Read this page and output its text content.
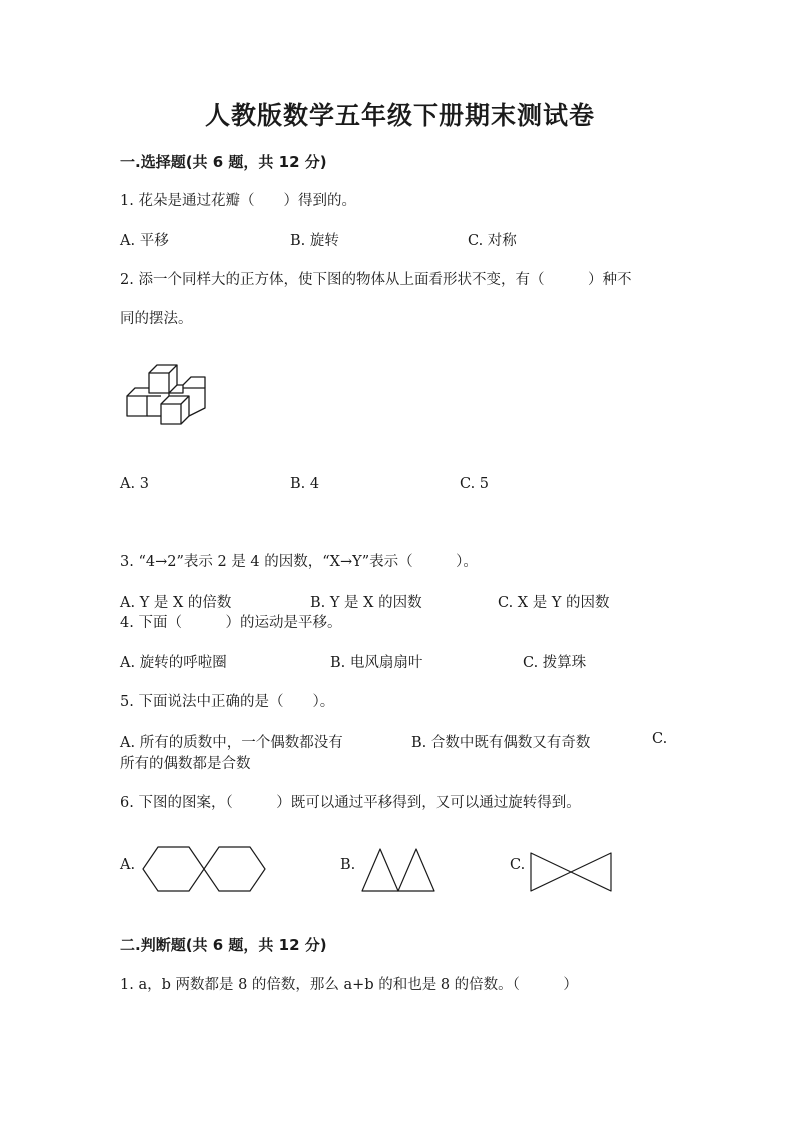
人教版数学五年级下册期末测试卷
一.选择题(共 6 题，共 12 分)
1. 花朵是通过花瓣（　　）得到的。
A. 平移	B. 旋转	C. 对称
2. 添一个同样大的正方体，使下图的物体从上面看形状不变，有（　　　）种不
同的摆法。
A. 3	B. 4	C. 5
3. “4→2”表示 2 是 4 的因数，“X→Y”表示（　　　）。
A. Y 是 X 的倍数	B. Y 是 X 的因数	C. X 是 Y 的因数
4. 下面（　　　）的运动是平移。
A. 旋转的呼啦圈	B. 电风扇扇叶	C. 拨算珠
5. 下面说法中正确的是（　　）。
A. 所有的质数中，一个偶数都没有	B. 合数中既有偶数又有奇数	C.
所有的偶数都是合数
6. 下图的图案，（　　　）既可以通过平移得到，又可以通过旋转得到。
A.	B.	C.
二.判断题(共 6 题，共 12 分)
1. a，b 两数都是 8 的倍数，那么 a+b 的和也是 8 的倍数。（　　　）
